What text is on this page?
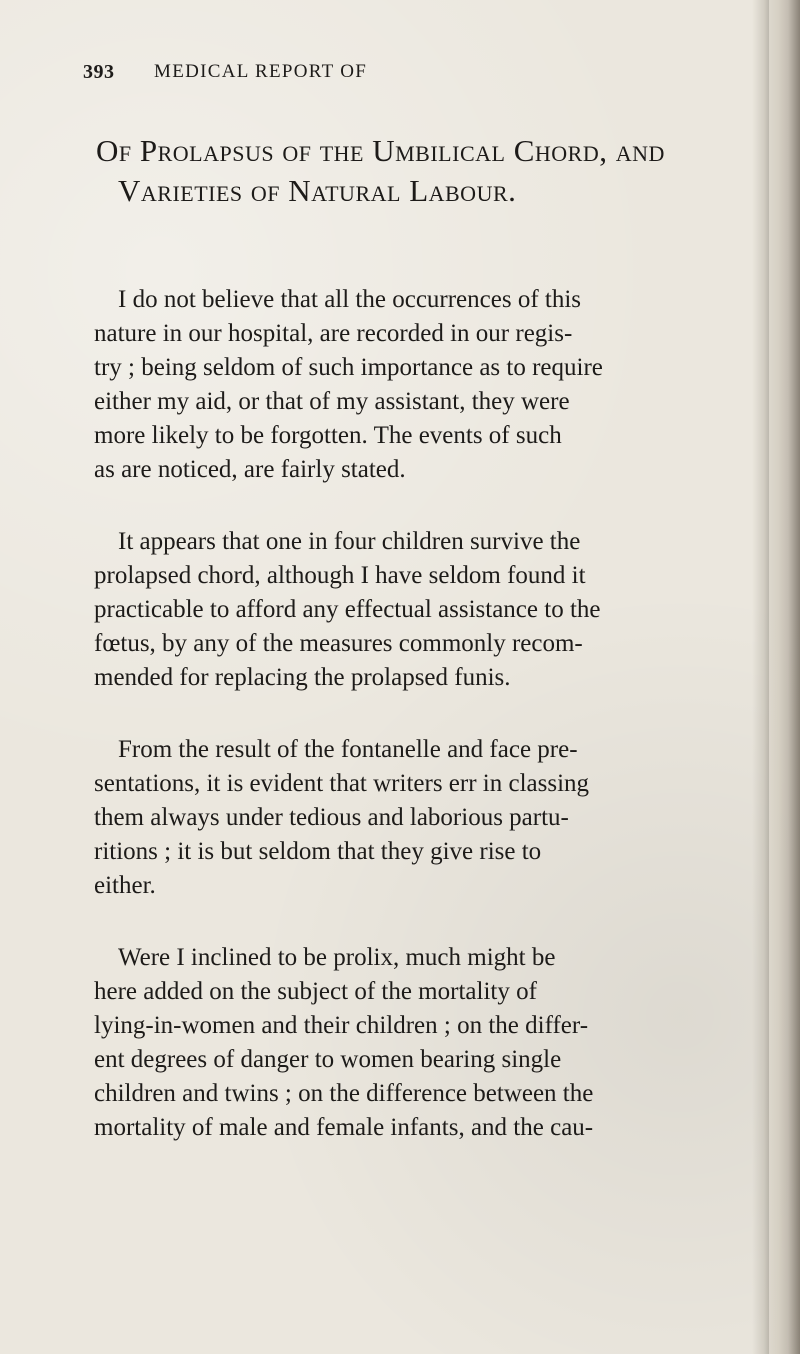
393 MEDICAL REPORT OF
Of Prolapsus of the Umbilical Chord, and
Varieties of Natural Labour.

I do not believe that all the occurrences of this
nature in our hospital, are recorded in our regis-
try ; being seldom of such importance as to require
either my aid, or that of my assistant, they were
more likely to be forgotten. The events of such
as are noticed, are fairly stated.

It appears that one in four children survive the
prolapsed chord, although I have seldom found it
practicable to afford any effectual assistance to the
fœtus, by any of the measures commonly recom-
mended for replacing the prolapsed funis.

From the result of the fontanelle and face pre-
sentations, it is evident that writers err in classing
them always under tedious and laborious partu-
ritions ; it is but seldom that they give rise to
either.

Were I inclined to be prolix, much might be
here added on the subject of the mortality of
lying-in-women and their children ; on the differ-
ent degrees of danger to women bearing single
children and twins ; on the difference between the
mortality of male and female infants, and the cau-
